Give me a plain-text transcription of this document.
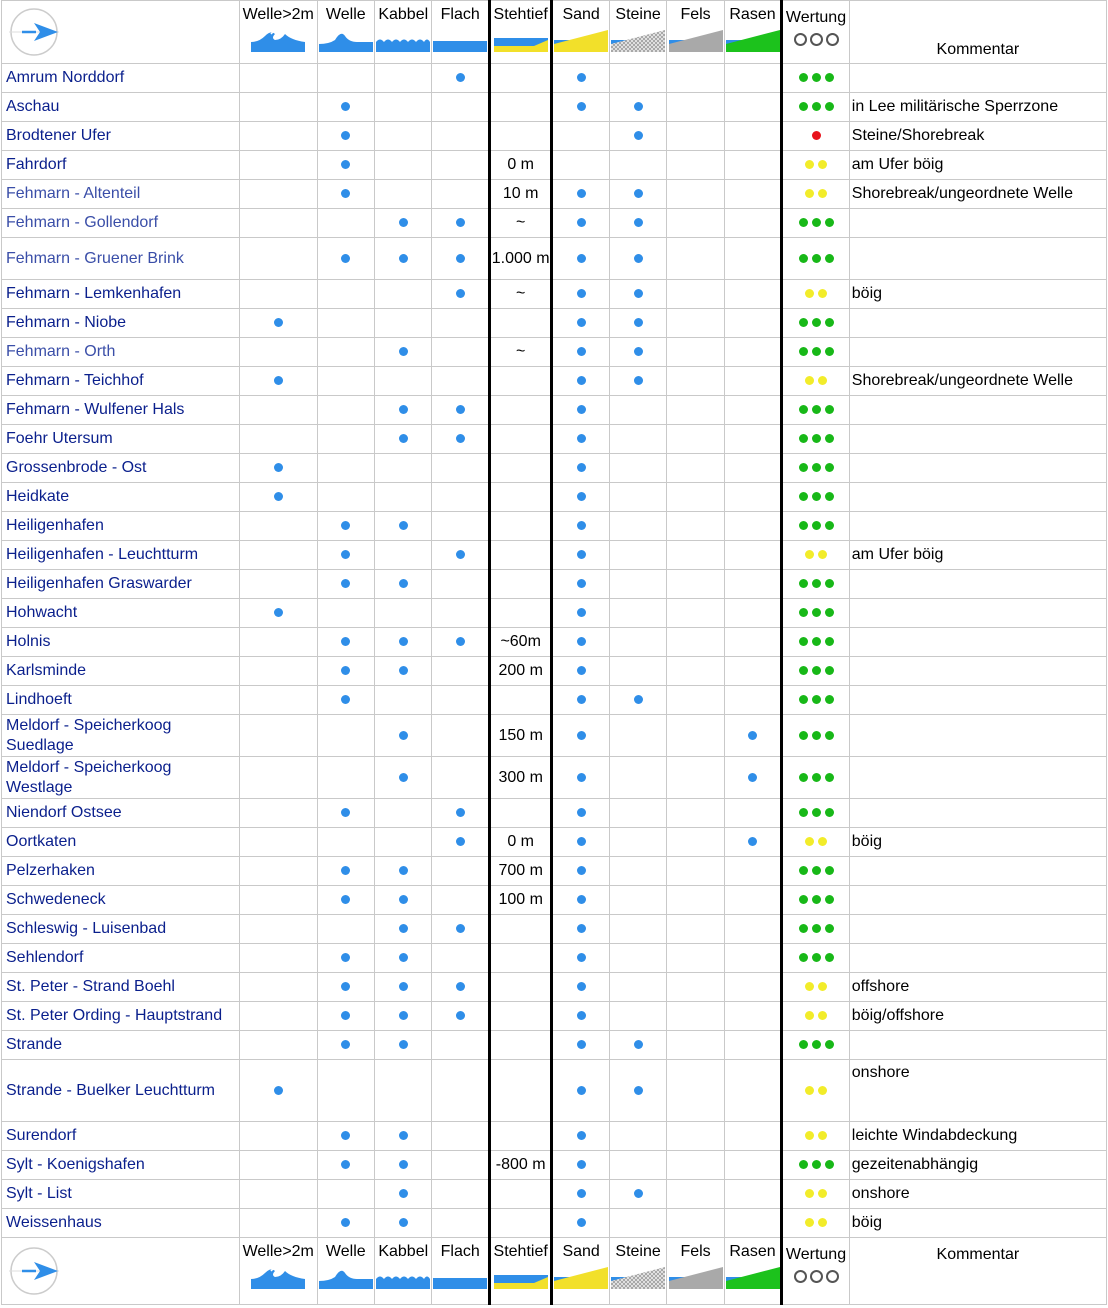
Welle>2m	Welle	Kabbel	Flach	Stehtief	Sand	Steine	Fels	Rasen	Wertung	Kommentar
Amrum Norddorf										

Aschau											in Lee militärische Sperrzone
Brodtener Ufer											Steine/Shorebreak
Fahrdorf					0 m						am Ufer böig
Fehmarn - Altenteil					10 m						Shorebreak/ungeordnete Welle
Fehmarn - Gollendorf					~					

Fehmarn - Gruener Brink					1.000 m					

Fehmarn - Lemkenhafen					~						böig
Fehmarn - Niobe										

Fehmarn - Orth					~					

Fehmarn - Teichhof											Shorebreak/ungeordnete Welle
Fehmarn - Wulfener Hals										

Foehr Utersum										

Grossenbrode - Ost										

Heidkate										

Heiligenhafen										

Heiligenhafen - Leuchtturm											am Ufer böig
Heiligenhafen Graswarder										

Hohwacht										

Holnis					~60m					

Karlsminde					200 m					

Lindhoeft										

Meldorf - Speicherkoog Suedlage					150 m					

Meldorf - Speicherkoog Westlage					300 m					

Niendorf Ostsee										

Oortkaten					0 m						böig
Pelzerhaken					700 m					

Schwedeneck					100 m					

Schleswig - Luisenbad										

Sehlendorf										

St. Peter - Strand Boehl											offshore
St. Peter Ording - Hauptstrand											böig/offshore
Strande										

Strande - Buelker Leuchtturm											onshore
Surendorf											leichte Windabdeckung
Sylt - Koenigshafen					-800 m						gezeitenabhängig
Sylt - List											onshore
Weissenhaus											böig

Welle>2m	Welle	Kabbel	Flach	Stehtief	Sand	Steine	Fels	Rasen	Wertung	Kommentar
